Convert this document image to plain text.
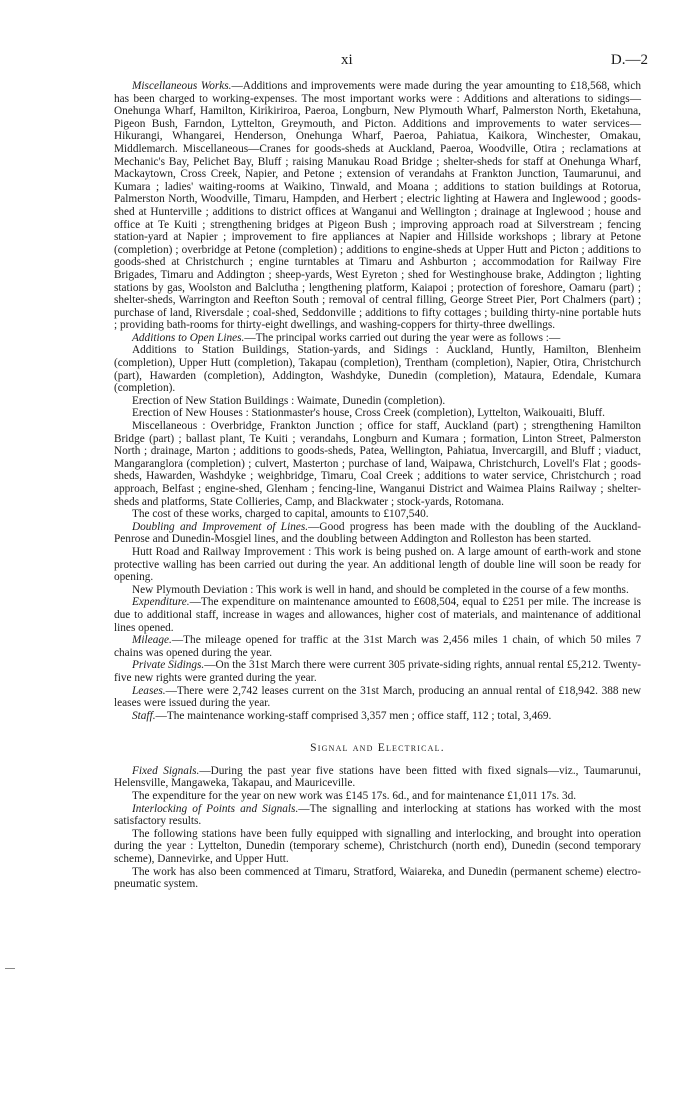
xi	D.—2

Miscellaneous Works.—Additions and improvements were made during the year amounting to £18,568, which has been charged to working-expenses. The most important works were : Additions and alterations to sidings—Onehunga Wharf, Hamilton, Kirikiriroa, Paeroa, Longburn, New Plymouth Wharf, Palmerston North, Eketahuna, Pigeon Bush, Farndon, Lyttelton, Greymouth, and Picton. Additions and improvements to water services—Hikurangi, Whangarei, Henderson, Onehunga Wharf, Paeroa, Pahiatua, Kaikora, Winchester, Omakau, Middlemarch. Miscellaneous—Cranes for goods-sheds at Auckland, Paeroa, Woodville, Otira ; reclamations at Mechanic's Bay, Pelichet Bay, Bluff ; raising Manukau Road Bridge ; shelter-sheds for staff at Onehunga Wharf, Mackaytown, Cross Creek, Napier, and Petone ; extension of verandahs at Frankton Junction, Taumarunui, and Kumara ; ladies' waiting-rooms at Waikino, Tinwald, and Moana ; additions to station buildings at Rotorua, Palmerston North, Woodville, Timaru, Hampden, and Herbert ; electric lighting at Hawera and Inglewood ; goods-shed at Hunterville ; additions to district offices at Wanganui and Wellington ; drainage at Inglewood ; house and office at Te Kuiti ; strengthening bridges at Pigeon Bush ; improving approach road at Silverstream ; fencing station-yard at Napier ; improvement to fire appliances at Napier and Hillside workshops ; library at Petone (completion) ; overbridge at Petone (completion) ; additions to engine-sheds at Upper Hutt and Picton ; additions to goods-shed at Christchurch ; engine turntables at Timaru and Ashburton ; accommodation for Railway Fire Brigades, Timaru and Addington ; sheep-yards, West Eyreton ; shed for Westinghouse brake, Addington ; lighting stations by gas, Woolston and Balclutha ; lengthening platform, Kaiapoi ; protection of foreshore, Oamaru (part) ; shelter-sheds, Warrington and Reefton South ; removal of central filling, George Street Pier, Port Chalmers (part) ; purchase of land, Riversdale ; coal-shed, Seddonville ; additions to fifty cottages ; building thirty-nine portable huts ; providing bath-rooms for thirty-eight dwellings, and washing-coppers for thirty-three dwellings.

Additions to Open Lines.—The principal works carried out during the year were as follows :—

Additions to Station Buildings, Station-yards, and Sidings : Auckland, Huntly, Hamilton, Blenheim (completion), Upper Hutt (completion), Takapau (completion), Trentham (completion), Napier, Otira, Christchurch (part), Hawarden (completion), Addington, Washdyke, Dunedin (completion), Mataura, Edendale, Kumara (completion).

Erection of New Station Buildings : Waimate, Dunedin (completion).

Erection of New Houses : Stationmaster's house, Cross Creek (completion), Lyttelton, Waikouaiti, Bluff.

Miscellaneous : Overbridge, Frankton Junction ; office for staff, Auckland (part) ; strengthening Hamilton Bridge (part) ; ballast plant, Te Kuiti ; verandahs, Longburn and Kumara ; formation, Linton Street, Palmerston North ; drainage, Marton ; additions to goods-sheds, Patea, Wellington, Pahiatua, Invercargill, and Bluff ; viaduct, Mangaranglora (completion) ; culvert, Masterton ; purchase of land, Waipawa, Christchurch, Lovell's Flat ; goods-sheds, Hawarden, Washdyke ; weighbridge, Timaru, Coal Creek ; additions to water service, Christchurch ; road approach, Belfast ; engine-shed, Glenham ; fencing-line, Wanganui District and Waimea Plains Railway ; shelter-sheds and platforms, State Collieries, Camp, and Blackwater ; stock-yards, Rotomana.

The cost of these works, charged to capital, amounts to £107,540.

Doubling and Improvement of Lines.—Good progress has been made with the doubling of the Auckland-Penrose and Dunedin-Mosgiel lines, and the doubling between Addington and Rolleston has been started.

Hutt Road and Railway Improvement : This work is being pushed on. A large amount of earth-work and stone protective walling has been carried out during the year. An additional length of double line will soon be ready for opening.

New Plymouth Deviation : This work is well in hand, and should be completed in the course of a few months.

Expenditure.—The expenditure on maintenance amounted to £608,504, equal to £251 per mile. The increase is due to additional staff, increase in wages and allowances, higher cost of materials, and maintenance of additional lines opened.

Mileage.—The mileage opened for traffic at the 31st March was 2,456 miles 1 chain, of which 50 miles 7 chains was opened during the year.

Private Sidings.—On the 31st March there were current 305 private-siding rights, annual rental £5,212. Twenty-five new rights were granted during the year.

Leases.—There were 2,742 leases current on the 31st March, producing an annual rental of £18,942. 388 new leases were issued during the year.

Staff.—The maintenance working-staff comprised 3,357 men ; office staff, 112 ; total, 3,469.

Signal and Electrical.

Fixed Signals.—During the past year five stations have been fitted with fixed signals—viz., Taumarunui, Helensville, Mangaweka, Takapau, and Mauriceville.

The expenditure for the year on new work was £145 17s. 6d., and for maintenance £1,011 17s. 3d.

Interlocking of Points and Signals.—The signalling and interlocking at stations has worked with the most satisfactory results.

The following stations have been fully equipped with signalling and interlocking, and brought into operation during the year : Lyttelton, Dunedin (temporary scheme), Christchurch (north end), Dunedin (second temporary scheme), Dannevirke, and Upper Hutt.

The work has also been commenced at Timaru, Stratford, Waiareka, and Dunedin (permanent scheme) electro-pneumatic system.
